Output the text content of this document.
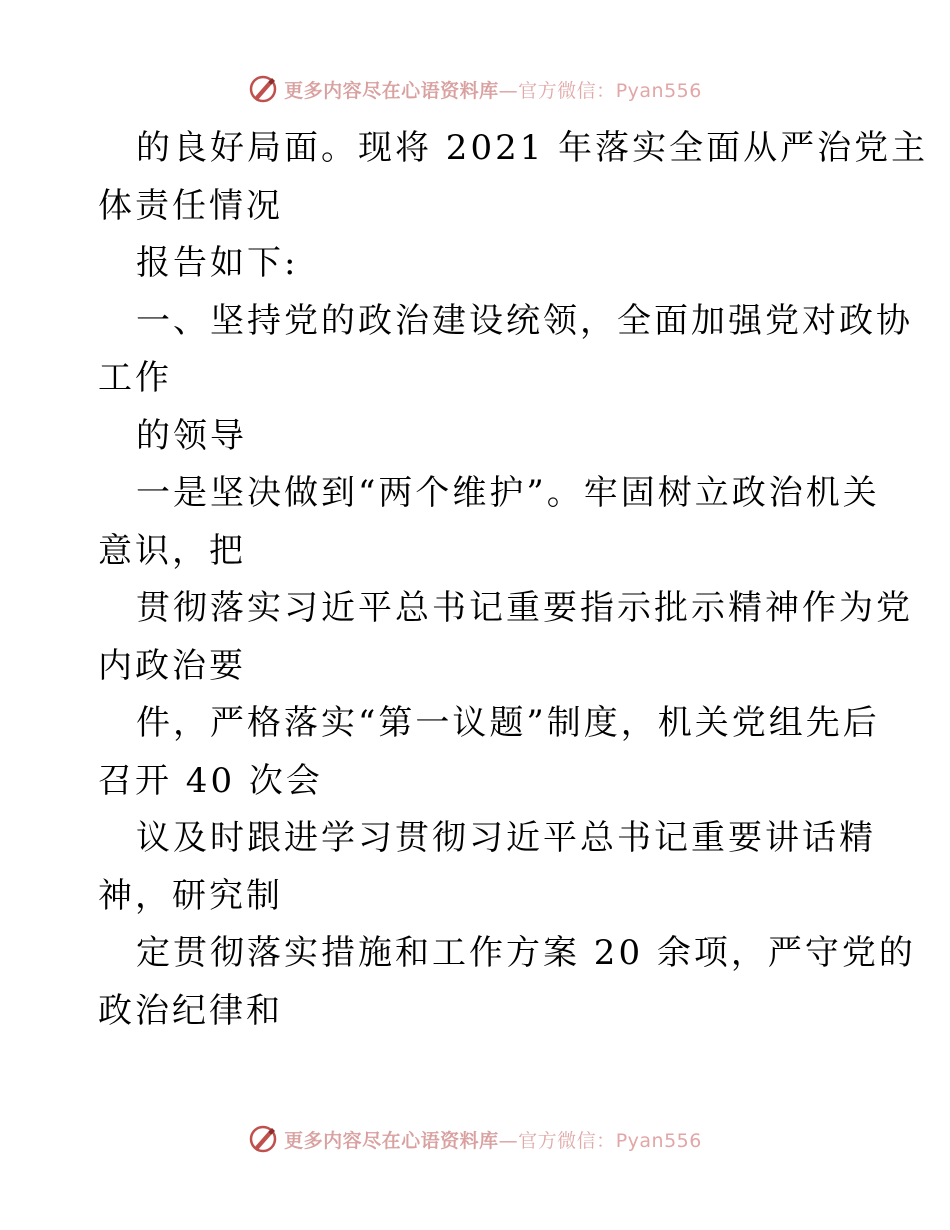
更多内容尽在心语资料库—官方微信：Pyan556
的良好局面。现将 2021 年落实全面从严治党主
体责任情况
报告如下:
一、坚持党的政治建设统领，全面加强党对政协
工作
的领导
一是坚决做到“两个维护”。牢固树立政治机关
意识，把
贯彻落实习近平总书记重要指示批示精神作为党
内政治要
件，严格落实“第一议题”制度，机关党组先后
召开 40 次会
议及时跟进学习贯彻习近平总书记重要讲话精
神，研究制
定贯彻落实措施和工作方案 20 余项，严守党的
政治纪律和
更多内容尽在心语资料库—官方微信：Pyan556
